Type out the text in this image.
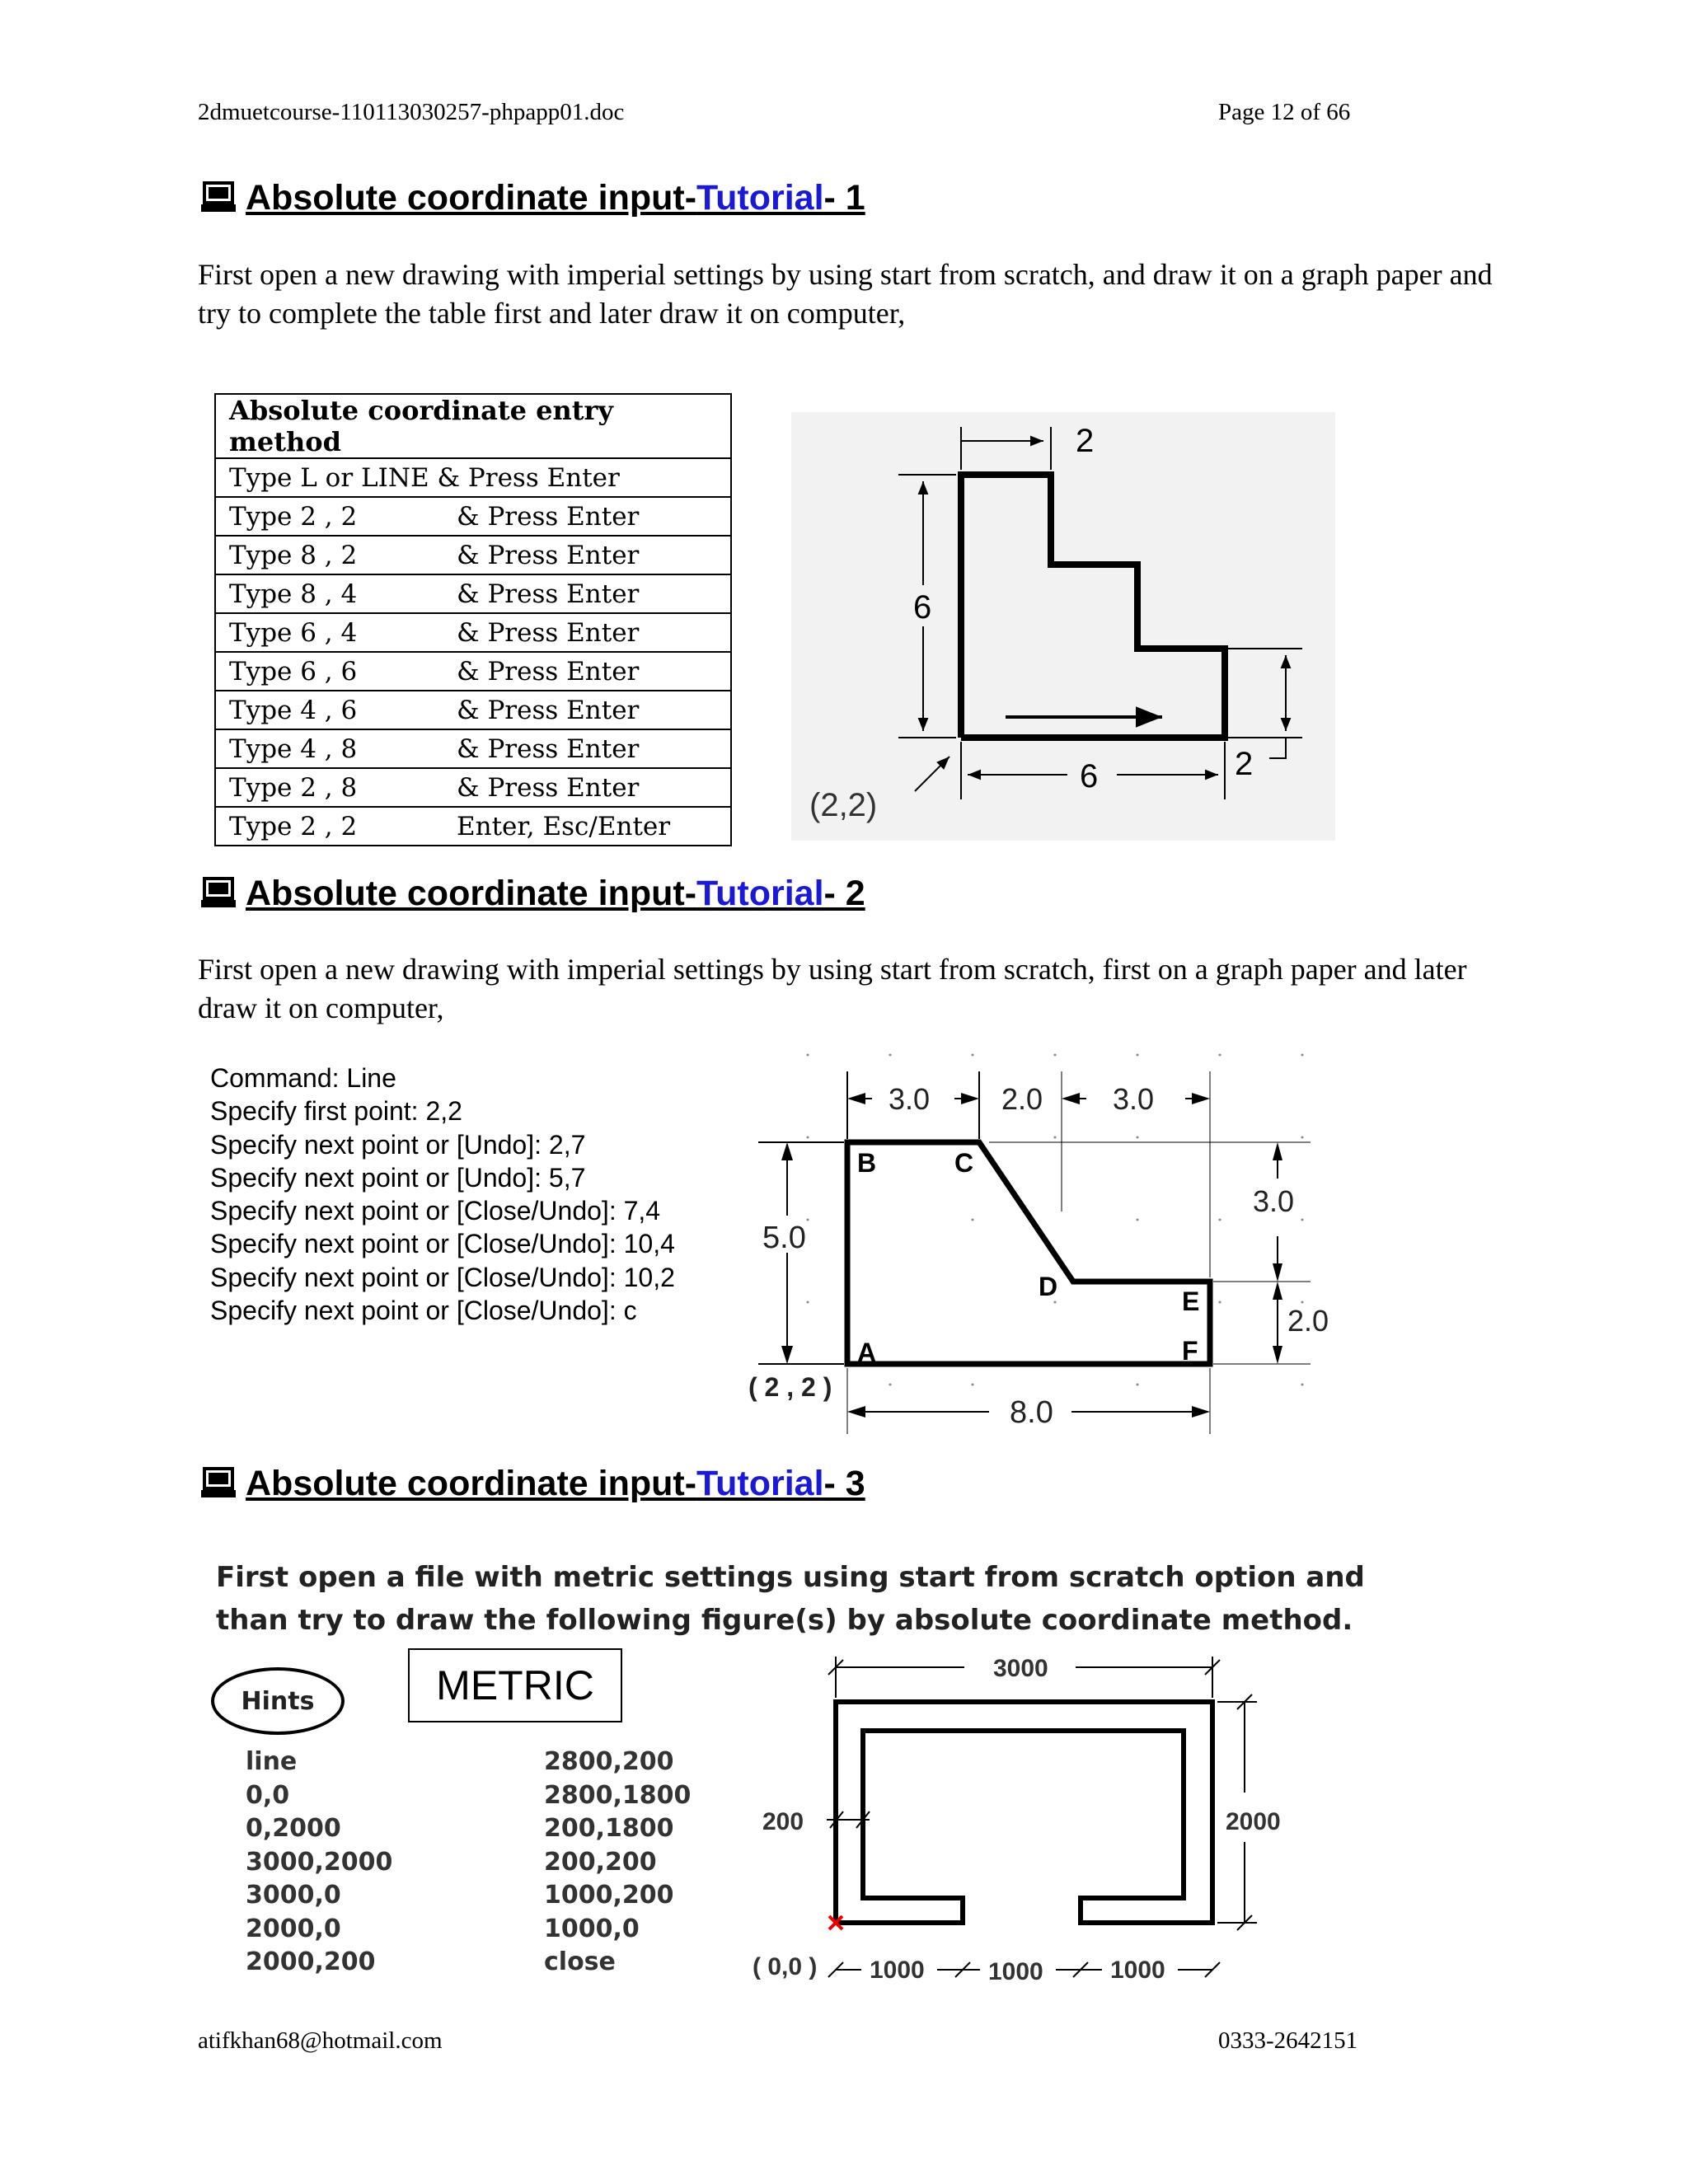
2dmuetcourse-110113030257-phpapp01.doc	Page 12 of 66
Absolute coordinate input-Tutorial- 1
First open a new drawing with imperial settings by using start from scratch, and draw it on a graph paper and try to complete the table first and later draw it on computer,
Absolute coordinate entry method	
Type L or LINE & Press Enter	
Type 2 , 2	& Press Enter
Type 8 , 2	& Press Enter
Type 8 , 4	& Press Enter
Type 6 , 4	& Press Enter
Type 6 , 6	& Press Enter
Type 4 , 6	& Press Enter
Type 4 , 8	& Press Enter
Type 2 , 8	& Press Enter
Type 2 , 2	Enter, Esc/Enter
2
6
6	2
(2,2)
Absolute coordinate input-Tutorial- 2
First open a new drawing with imperial settings by using start from scratch, first on a graph paper and later draw it on computer,
Command: Line
Specify first point: 2,2
Specify next point or [Undo]: 2,7
Specify next point or [Undo]: 5,7
Specify next point or [Close/Undo]: 7,4
Specify next point or [Close/Undo]: 10,4
Specify next point or [Close/Undo]: 10,2
Specify next point or [Close/Undo]: c
3.0 2.0 3.0
5.0
3.0
2.0
8.0
A
B	C
D	E
F
( 2 , 2 )
Absolute coordinate input-Tutorial- 3
First open a file with metric settings using start from scratch option and
than try to draw the following figure(s) by absolute coordinate method.
Hints	METRIC
line
0,0
0,2000
3000,2000
3000,0
2000,0
2000,200
2800,200
2800,1800
200,1800
200,200
1000,200
1000,0
close
3000
200	2000
1000	1000	1000
( 0,0 )
atifkhan68@hotmail.com	0333-2642151
